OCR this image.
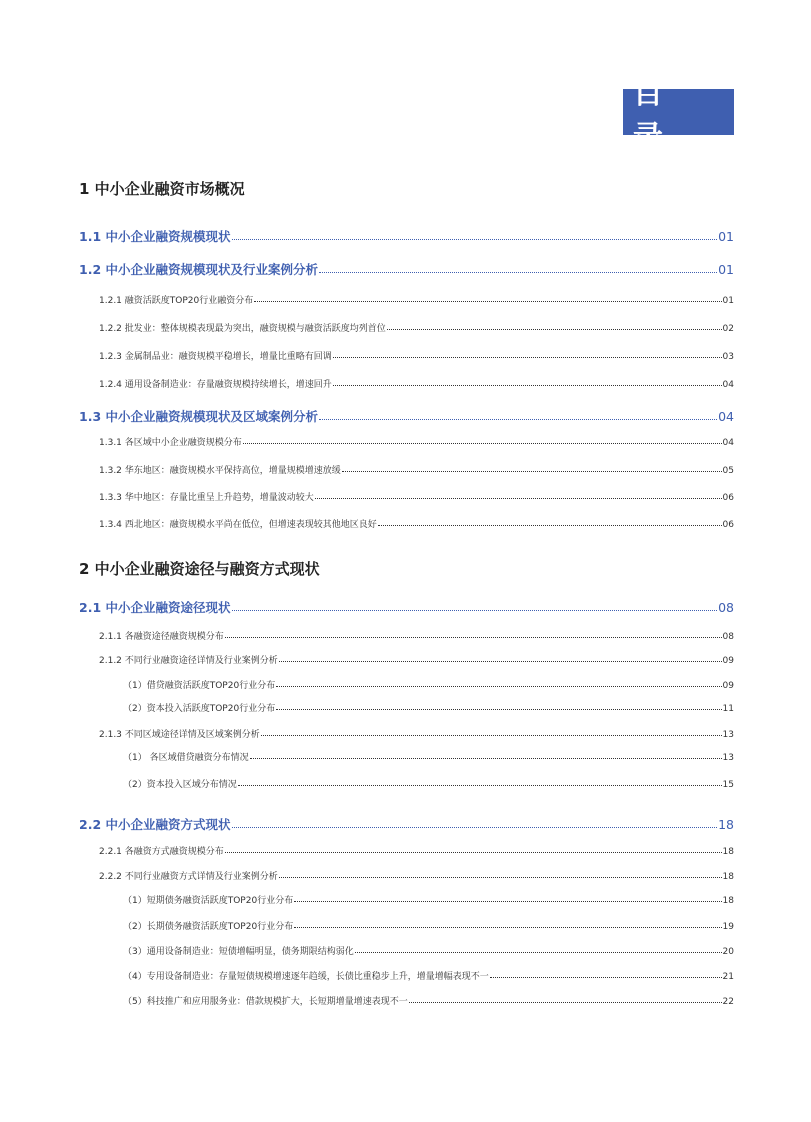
目 录
1 中小企业融资市场概况
1.1 中小企业融资规模现状	01
1.2 中小企业融资规模现状及行业案例分析	01
1.2.1 融资活跃度TOP20行业融资分布	01
1.2.2 批发业：整体规模表现最为突出，融资规模与融资活跃度均列首位	02
1.2.3 金属制品业：融资规模平稳增长，增量比重略有回调	03
1.2.4 通用设备制造业：存量融资规模持续增长，增速回升	04
1.3 中小企业融资规模现状及区域案例分析	04
1.3.1 各区域中小企业融资规模分布	04
1.3.2 华东地区：融资规模水平保持高位，增量规模增速放缓	05
1.3.3 华中地区：存量比重呈上升趋势，增量波动较大	06
1.3.4 西北地区：融资规模水平尚在低位，但增速表现较其他地区良好	06
2 中小企业融资途径与融资方式现状
2.1 中小企业融资途径现状	08
2.1.1 各融资途径融资规模分布	08
2.1.2 不同行业融资途径详情及行业案例分析	09
（1）借贷融资活跃度TOP20行业分布	09
（2）资本投入活跃度TOP20行业分布	11
2.1.3 不同区域途径详情及区域案例分析	13
（1） 各区域借贷融资分布情况	13
（2）资本投入区域分布情况	15
2.2 中小企业融资方式现状	18
2.2.1 各融资方式融资规模分布	18
2.2.2 不同行业融资方式详情及行业案例分析	18
（1）短期债务融资活跃度TOP20行业分布	18
（2）长期债务融资活跃度TOP20行业分布	19
（3）通用设备制造业：短债增幅明显，债务期限结构弱化	20
（4）专用设备制造业：存量短债规模增速逐年趋缓，长债比重稳步上升，增量增幅表现不一	21
（5）科技推广和应用服务业：借款规模扩大，长短期增量增速表现不一	22
